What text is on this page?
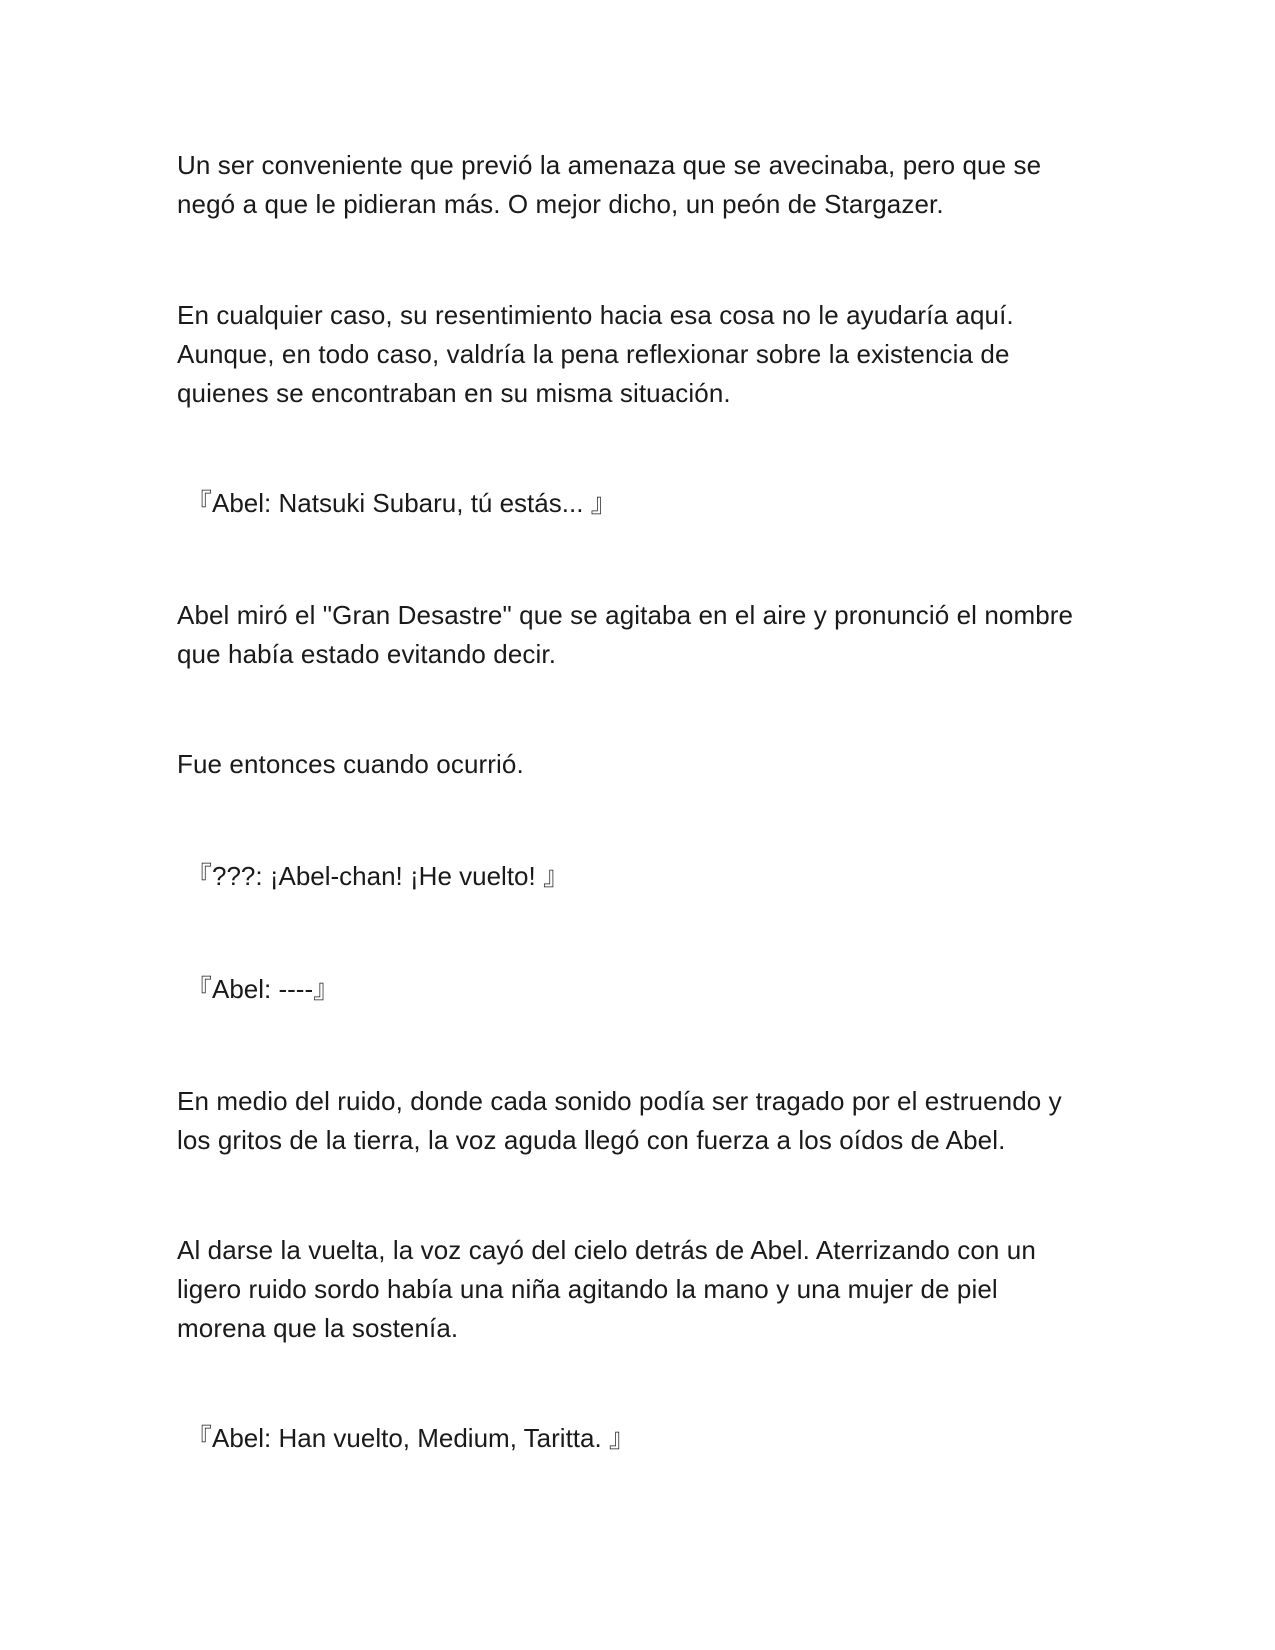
Un ser conveniente que previó la amenaza que se avecinaba, pero que se
negó a que le pidieran más. O mejor dicho, un peón de Stargazer.

En cualquier caso, su resentimiento hacia esa cosa no le ayudaría aquí.
Aunque, en todo caso, valdría la pena reflexionar sobre la existencia de
quienes se encontraban en su misma situación.

『Abel: Natsuki Subaru, tú estás... 』

Abel miró el "Gran Desastre" que se agitaba en el aire y pronunció el nombre
que había estado evitando decir.

Fue entonces cuando ocurrió.

『???: ¡Abel-chan! ¡He vuelto! 』

『Abel: ----』

En medio del ruido, donde cada sonido podía ser tragado por el estruendo y
los gritos de la tierra, la voz aguda llegó con fuerza a los oídos de Abel.

Al darse la vuelta, la voz cayó del cielo detrás de Abel. Aterrizando con un
ligero ruido sordo había una niña agitando la mano y una mujer de piel
morena que la sostenía.

『Abel: Han vuelto, Medium, Taritta. 』
